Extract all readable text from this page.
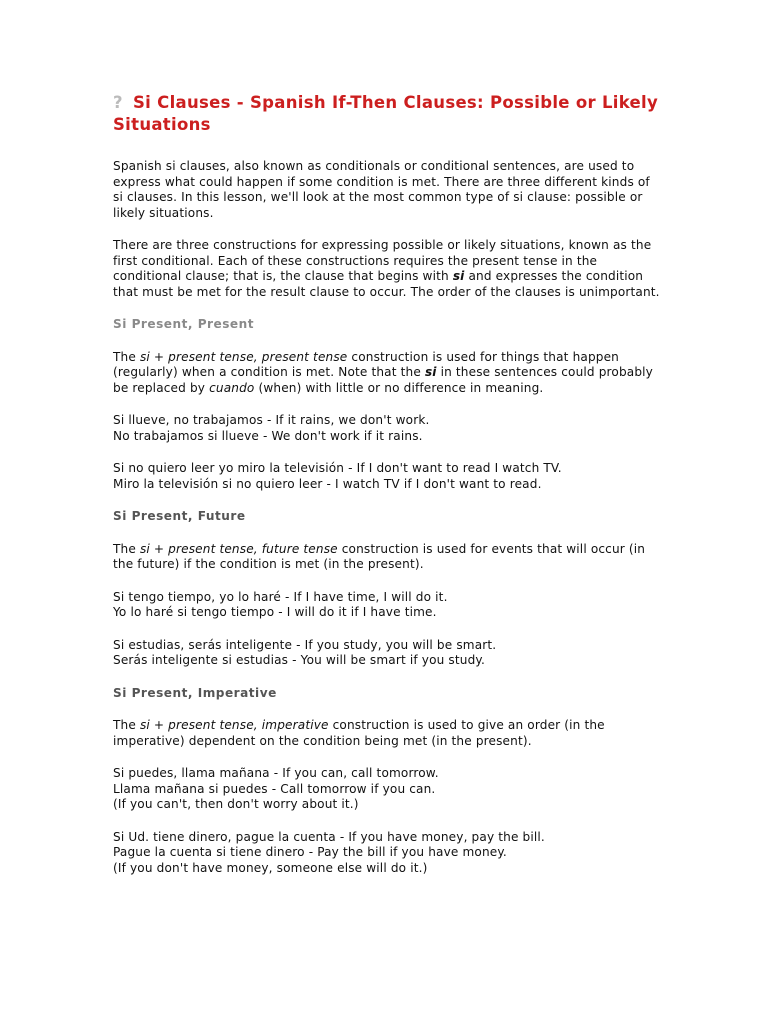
? Si Clauses - Spanish If-Then Clauses: Possible or Likely Situations

Spanish si clauses, also known as conditionals or conditional sentences, are used to express what could happen if some condition is met. There are three different kinds of si clauses. In this lesson, we'll look at the most common type of si clause: possible or likely situations.

There are three constructions for expressing possible or likely situations, known as the first conditional. Each of these constructions requires the present tense in the conditional clause; that is, the clause that begins with si and expresses the condition that must be met for the result clause to occur. The order of the clauses is unimportant.

Si Present, Present

The si + present tense, present tense construction is used for things that happen (regularly) when a condition is met. Note that the si in these sentences could probably be replaced by cuando (when) with little or no difference in meaning.

Si llueve, no trabajamos - If it rains, we don't work.
No trabajamos si llueve - We don't work if it rains.

Si no quiero leer yo miro la televisión - If I don't want to read I watch TV.
Miro la televisión si no quiero leer - I watch TV if I don't want to read.

Si Present, Future

The si + present tense, future tense construction is used for events that will occur (in the future) if the condition is met (in the present).

Si tengo tiempo, yo lo haré - If I have time, I will do it.
Yo lo haré si tengo tiempo - I will do it if I have time.

Si estudias, serás inteligente - If you study, you will be smart.
Serás inteligente si estudias - You will be smart if you study.

Si Present, Imperative

The si + present tense, imperative construction is used to give an order (in the imperative) dependent on the condition being met (in the present).

Si puedes, llama mañana - If you can, call tomorrow.
Llama mañana si puedes - Call tomorrow if you can.
(If you can't, then don't worry about it.)

Si Ud. tiene dinero, pague la cuenta - If you have money, pay the bill.
Pague la cuenta si tiene dinero - Pay the bill if you have money.
(If you don't have money, someone else will do it.)
